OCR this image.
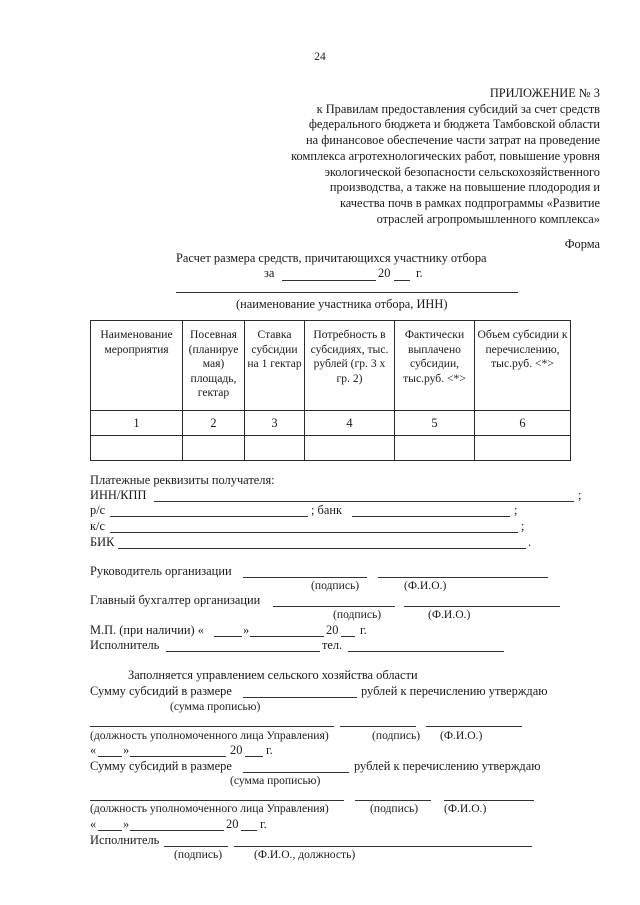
24
ПРИЛОЖЕНИЕ № 3
к Правилам предоставления субсидий за счет средств
федерального бюджета и бюджета Тамбовской области
на финансовое обеспечение части затрат на проведение
комплекса агротехнологических работ, повышение уровня
экологической безопасности сельскохозяйственного
производства, а также на повышение плодородия и
качества почв в рамках подпрограммы «Развитие
отраслей агропромышленного комплекса»
Форма
Расчет размера средств, причитающихся участнику отбора
за	20 г.
(наименование участника отбора, ИНН)
Наименование мероприятия	Посевная (планируе мая) площадь, гектар	Ставка субсидии на 1 гектар	Потребность в субсидиях, тыс. рублей (гр. 3 х гр. 2)	Фактически выплачено субсидии, тыс.руб. <*>	Объем субсидии к перечислению, тыс.руб. <*>
1	2	3	4	5	6

Платежные реквизиты получателя:
ИНН/КПП	;
р/с	; банк	;
к/с	;
БИК	.
Руководитель организации
(подпись)	(Ф.И.О.)
Главный бухгалтер организации
(подпись)	(Ф.И.О.)
М.П. (при наличии) «	»	20 г.
Исполнитель	тел.
Заполняется управлением сельского хозяйства области
Сумму субсидий в размере	рублей к перечислению утверждаю
(сумма прописью)
(должность уполномоченного лица Управления)	(подпись) (Ф.И.О.)
« »	20 г.
Сумму субсидий в размере	рублей к перечислению утверждаю
(сумма прописью)
(должность уполномоченного лица Управления)	(подпись) (Ф.И.О.)
« »	20 г.
Исполнитель
(подпись)	(Ф.И.О., должность)
